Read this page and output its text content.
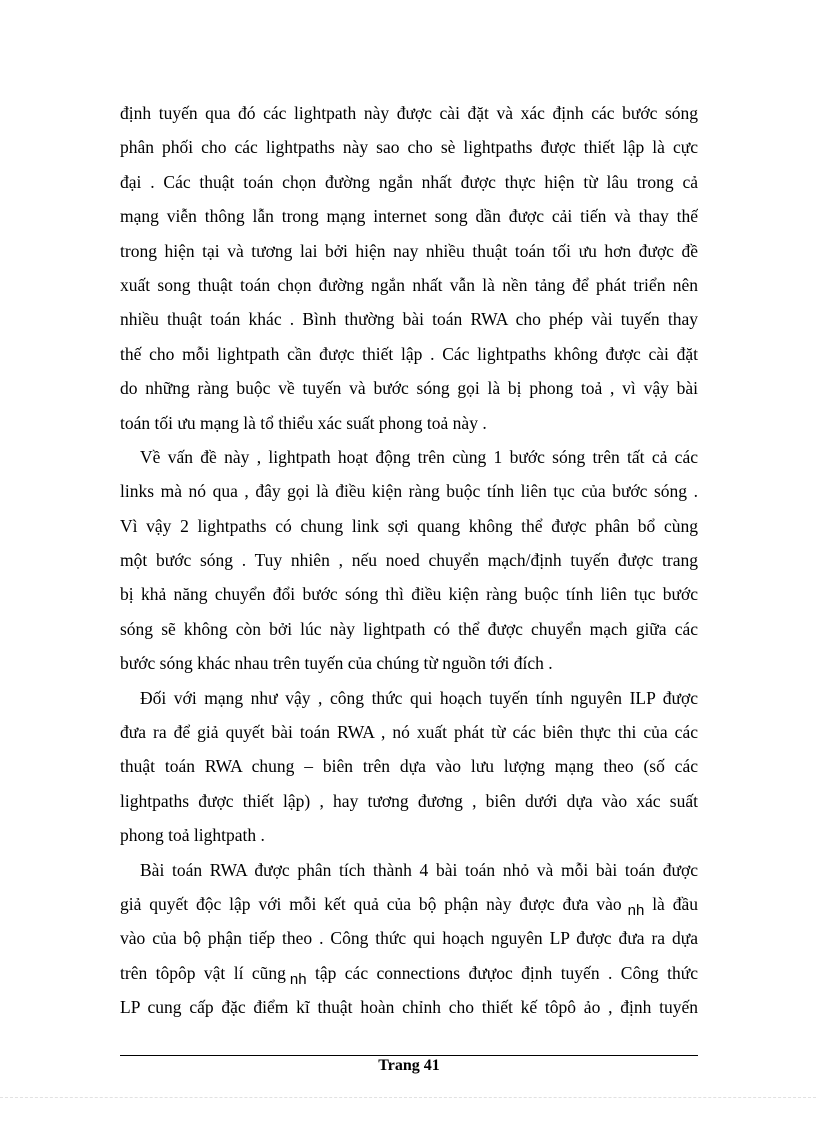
định tuyến qua đó các lightpath này được cài đặt và xác định các bước sóng
phân phối cho các lightpaths này sao cho sè lightpaths được thiết lập là cực
đại . Các thuật toán chọn đường ngắn nhất được thực hiện từ lâu trong cả
mạng viễn thông lẫn trong mạng internet song dần được cải tiến và thay thế
trong hiện tại và tương lai bởi hiện nay nhiều thuật toán tối ưu hơn được đề
xuất song thuật toán chọn đường ngắn nhất vẫn là nền tảng để phát triển nên
nhiều thuật toán khác . Bình thường bài toán RWA cho phép vài tuyến thay
thế cho mỗi lightpath cần được thiết lập . Các lightpaths không được cài đặt
do những ràng buộc về tuyến và bước sóng gọi là bị phong toả , vì vậy bài
toán tối ưu mạng là tổ thiểu xác suất phong toả này .
Về vấn đề này , lightpath hoạt động trên cùng 1 bước sóng trên tất cả các
links mà nó qua , đây gọi là điều kiện ràng buộc tính liên tục của bước sóng .
Vì vậy 2 lightpaths có chung link sợi quang không thể được phân bổ cùng
một bước sóng . Tuy nhiên , nếu noed chuyển mạch/định tuyến được trang
bị khả năng chuyển đổi bước sóng thì điều kiện ràng buộc tính liên tục bước
sóng sẽ không còn bởi lúc này lightpath có thể được chuyển mạch giữa các
bước sóng khác nhau trên tuyến của chúng từ nguồn tới đích .
Đối với mạng như vậy , công thức qui hoạch tuyến tính nguyên ILP được
đưa ra để giả quyết bài toán RWA , nó xuất phát từ các biên thực thi của các
thuật toán RWA chung – biên trên dựa vào lưu lượng mạng theo (số các
lightpaths được thiết lập) , hay tương đương , biên dưới dựa vào xác suất
phong toả lightpath .
Bài toán RWA được phân tích thành 4 bài toán nhỏ và mỗi bài toán được
giả quyết độc lập với mỗi kết quả của bộ phận này được đưa vào nh là đầu
vào của bộ phận tiếp theo . Công thức qui hoạch nguyên LP được đưa ra dựa
trên tôpôp vật lí cũng nh tập các connections đưựoc định tuyến . Công thức
LP cung cấp đặc điểm kĩ thuật hoàn chỉnh cho thiết kế tôpô ảo , định tuyến
Trang 41
